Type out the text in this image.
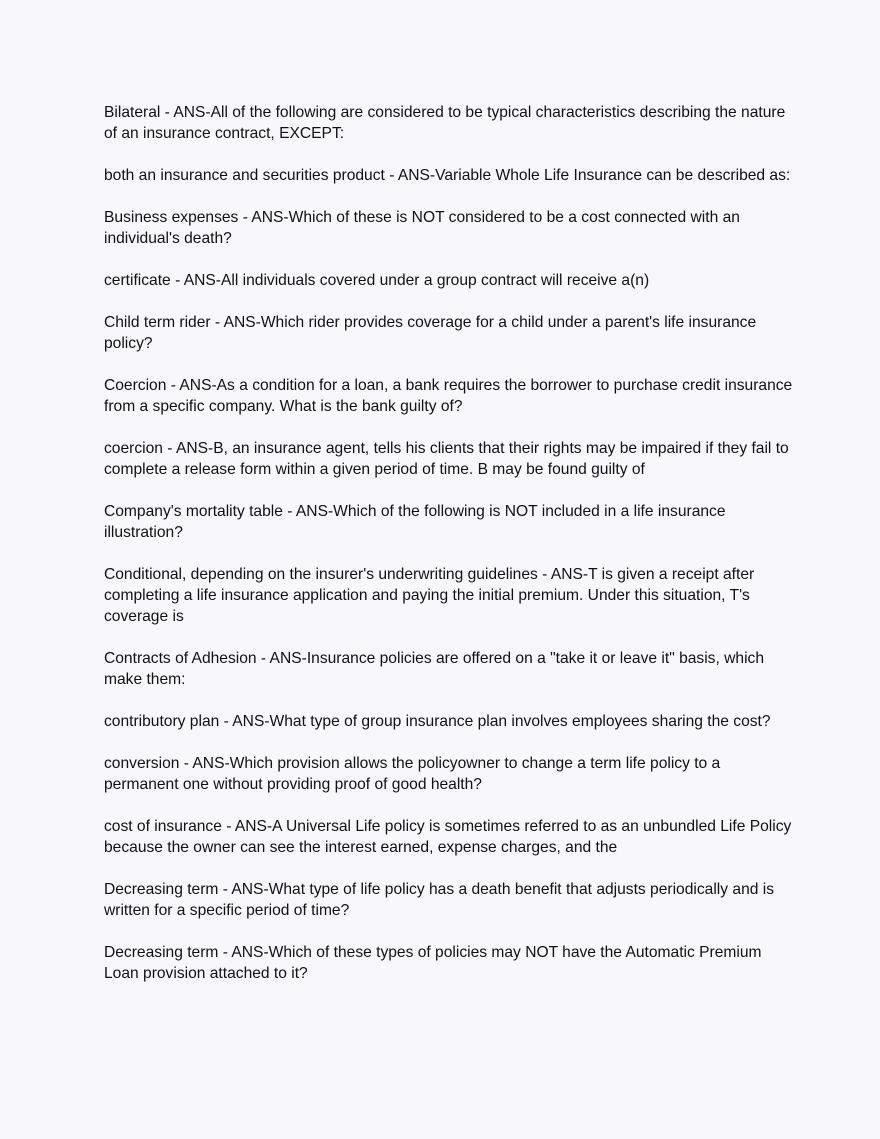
Bilateral - ANS-All of the following are considered to be typical characteristics describing the nature of an insurance contract, EXCEPT:

both an insurance and securities product - ANS-Variable Whole Life Insurance can be described as:

Business expenses - ANS-Which of these is NOT considered to be a cost connected with an individual's death?

certificate - ANS-All individuals covered under a group contract will receive a(n)

Child term rider - ANS-Which rider provides coverage for a child under a parent's life insurance policy?

Coercion - ANS-As a condition for a loan, a bank requires the borrower to purchase credit insurance from a specific company. What is the bank guilty of?

coercion - ANS-B, an insurance agent, tells his clients that their rights may be impaired if they fail to complete a release form within a given period of time. B may be found guilty of

Company's mortality table - ANS-Which of the following is NOT included in a life insurance illustration?

Conditional, depending on the insurer's underwriting guidelines - ANS-T is given a receipt after completing a life insurance application and paying the initial premium. Under this situation, T's coverage is

Contracts of Adhesion - ANS-Insurance policies are offered on a "take it or leave it" basis, which make them:

contributory plan - ANS-What type of group insurance plan involves employees sharing the cost?

conversion - ANS-Which provision allows the policyowner to change a term life policy to a permanent one without providing proof of good health?

cost of insurance - ANS-A Universal Life policy is sometimes referred to as an unbundled Life Policy because the owner can see the interest earned, expense charges, and the

Decreasing term - ANS-What type of life policy has a death benefit that adjusts periodically and is written for a specific period of time?

Decreasing term - ANS-Which of these types of policies may NOT have the Automatic Premium Loan provision attached to it?
